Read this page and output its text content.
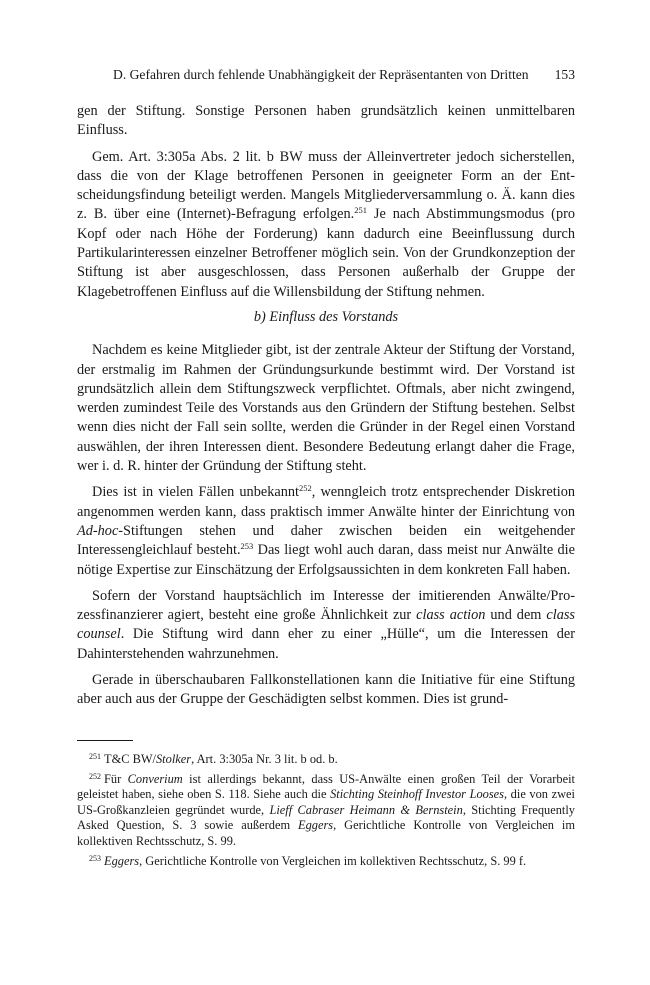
D. Gefahren durch fehlende Unabhängigkeit der Repräsentanten von Dritten 153

gen der Stiftung. Sonstige Personen haben grundsätzlich keinen unmittelbaren Einfluss.

Gem. Art. 3:305a Abs. 2 lit. b BW muss der Alleinvertreter jedoch sicherstellen, dass die von der Klage betroffenen Personen in geeigneter Form an der Entscheidungsfindung beteiligt werden. Mangels Mitgliederversammlung o. Ä. kann dies z. B. über eine (Internet)-Befragung erfolgen.$^{251}$ Je nach Abstimmungsmodus (pro Kopf oder nach Höhe der Forderung) kann dadurch eine Beeinflussung durch Partikularinteressen einzelner Betroffener möglich sein. Von der Grundkonzeption der Stiftung ist aber ausgeschlossen, dass Personen außerhalb der Gruppe der Klagebetroffenen Einfluss auf die Willensbildung der Stiftung nehmen.

b) Einfluss des Vorstands

Nachdem es keine Mitglieder gibt, ist der zentrale Akteur der Stiftung der Vorstand, der erstmalig im Rahmen der Gründungsurkunde bestimmt wird. Der Vorstand ist grundsätzlich allein dem Stiftungszweck verpflichtet. Oftmals, aber nicht zwingend, werden zumindest Teile des Vorstands aus den Gründern der Stiftung bestehen. Selbst wenn dies nicht der Fall sein sollte, werden die Gründer in der Regel einen Vorstand auswählen, der ihren Interessen dient. Besondere Bedeutung erlangt daher die Frage, wer i. d. R. hinter der Gründung der Stiftung steht.

Dies ist in vielen Fällen unbekannt$^{252}$, wenngleich trotz entsprechender Diskretion angenommen werden kann, dass praktisch immer Anwälte hinter der Einrichtung von Ad-hoc-Stiftungen stehen und daher zwischen beiden ein weitgehender Interessengleichlauf besteht.$^{253}$ Das liegt wohl auch daran, dass meist nur Anwälte die nötige Expertise zur Einschätzung der Erfolgsaussichten in dem konkreten Fall haben.

Sofern der Vorstand hauptsächlich im Interesse der imitierenden Anwälte/Prozessfinanzierer agiert, besteht eine große Ähnlichkeit zur class action und dem class counsel. Die Stiftung wird dann eher zu einer „Hülle“, um die Interessen der Dahinterstehenden wahrzunehmen.

Gerade in überschaubaren Fallkonstellationen kann die Initiative für eine Stiftung aber auch aus der Gruppe der Geschädigten selbst kommen. Dies ist grund-

$^{251}$ T&C BW/Stolker, Art. 3:305a Nr. 3 lit. b od. b.

$^{252}$ Für Converium ist allerdings bekannt, dass US-Anwälte einen großen Teil der Vorarbeit geleistet haben, siehe oben S. 118. Siehe auch die Stichting Steinhoff Investor Looses, die von zwei US-Großkanzleien gegründet wurde, Lieff Cabraser Heimann & Bernstein, Stichting Frequently Asked Question, S. 3 sowie außerdem Eggers, Gerichtliche Kontrolle von Vergleichen im kollektiven Rechtsschutz, S. 99.

$^{253}$ Eggers, Gerichtliche Kontrolle von Vergleichen im kollektiven Rechtsschutz, S. 99 f.
